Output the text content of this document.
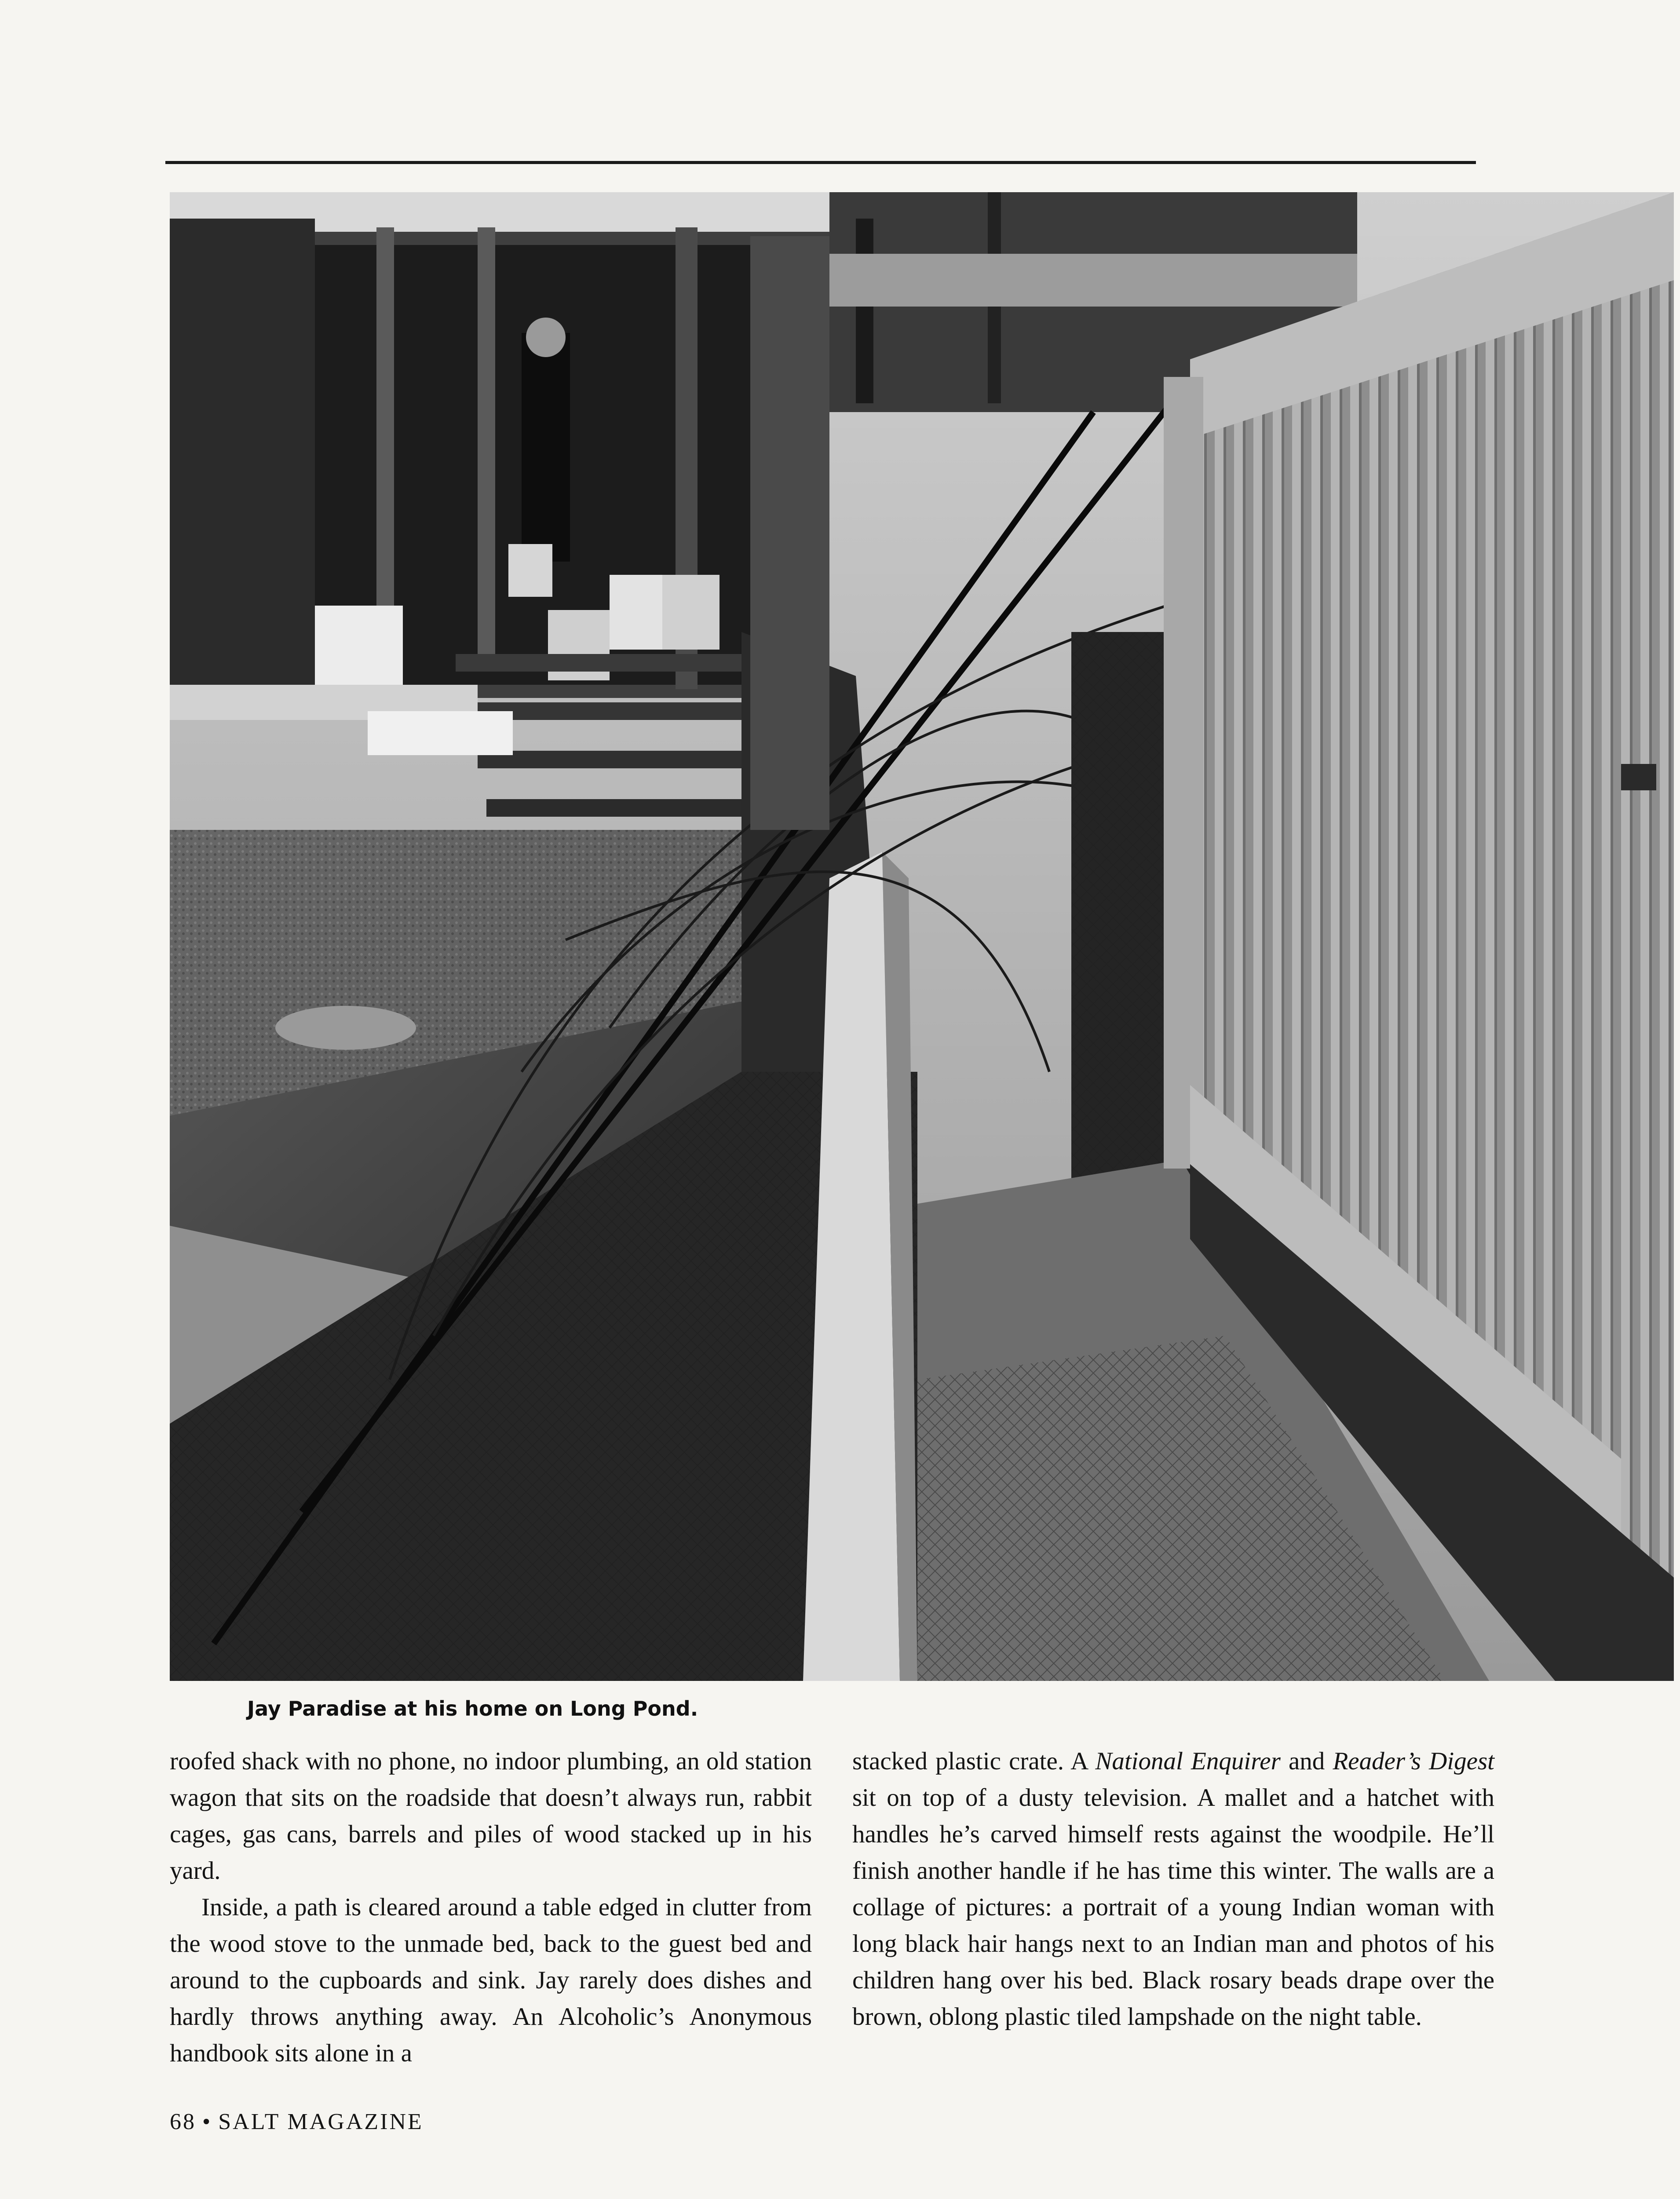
Jay Paradise at his home on Long Pond.

roofed shack with no phone, no indoor plumbing, an old station wagon that sits on the roadside that doesn’t always run, rabbit cages, gas cans, barrels and piles of wood stacked up in his yard.

Inside, a path is cleared around a table edged in clutter from the wood stove to the unmade bed, back to the guest bed and around to the cupboards and sink. Jay rarely does dishes and hardly throws anything away. An Alcoholic’s Anonymous handbook sits alone in a

stacked plastic crate. A National Enquirer and Reader’s Digest sit on top of a dusty television. A mallet and a hatchet with handles he’s carved himself rests against the woodpile. He’ll finish another handle if he has time this winter. The walls are a collage of pictures: a portrait of a young Indian woman with long black hair hangs next to an Indian man and photos of his children hang over his bed. Black rosary beads drape over the brown, oblong plastic tiled lampshade on the night table.

68 • SALT MAGAZINE
